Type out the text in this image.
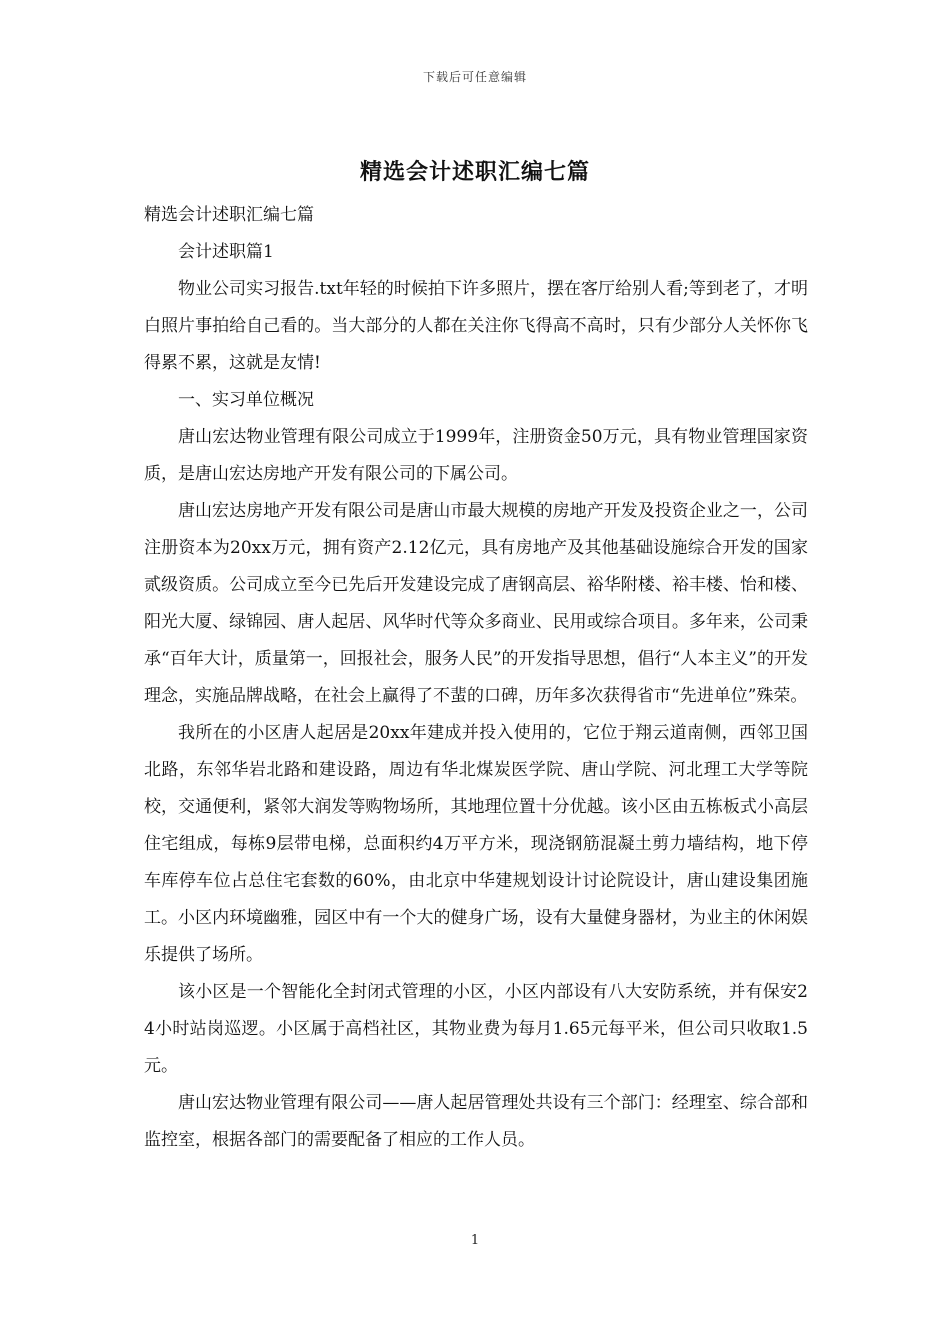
下载后可任意编辑
精选会计述职汇编七篇

精选会计述职汇编七篇

会计述职篇1

物业公司实习报告.txt年轻的时候拍下许多照片，摆在客厅给别人看;等到老了，才明白照片事拍给自己看的。当大部分的人都在关注你飞得高不高时，只有少部分人关怀你飞得累不累，这就是友情!

一、实习单位概况

唐山宏达物业管理有限公司成立于1999年，注册资金50万元，具有物业管理国家资质，是唐山宏达房地产开发有限公司的下属公司。

唐山宏达房地产开发有限公司是唐山市最大规模的房地产开发及投资企业之一，公司注册资本为20xx万元，拥有资产2.12亿元，具有房地产及其他基础设施综合开发的国家贰级资质。公司成立至今已先后开发建设完成了唐钢高层、裕华附楼、裕丰楼、怡和楼、阳光大厦、绿锦园、唐人起居、风华时代等众多商业、民用或综合项目。多年来，公司秉承“百年大计，质量第一，回报社会，服务人民”的开发指导思想，倡行“人本主义”的开发理念，实施品牌战略，在社会上赢得了不蜚的口碑，历年多次获得省市“先进单位”殊荣。

我所在的小区唐人起居是20xx年建成并投入使用的，它位于翔云道南侧，西邻卫国北路，东邻华岩北路和建设路，周边有华北煤炭医学院、唐山学院、河北理工大学等院校，交通便利，紧邻大润发等购物场所，其地理位置十分优越。该小区由五栋板式小高层住宅组成，每栋9层带电梯，总面积约4万平方米，现浇钢筋混凝土剪力墙结构，地下停车库停车位占总住宅套数的60%，由北京中华建规划设计讨论院设计，唐山建设集团施工。小区内环境幽雅，园区中有一个大的健身广场，设有大量健身器材，为业主的休闲娱乐提供了场所。

该小区是一个智能化全封闭式管理的小区，小区内部设有八大安防系统，并有保安24小时站岗巡逻。小区属于高档社区，其物业费为每月1.65元每平米，但公司只收取1.5元。

唐山宏达物业管理有限公司——唐人起居管理处共设有三个部门：经理室、综合部和监控室，根据各部门的需要配备了相应的工作人员。

1
